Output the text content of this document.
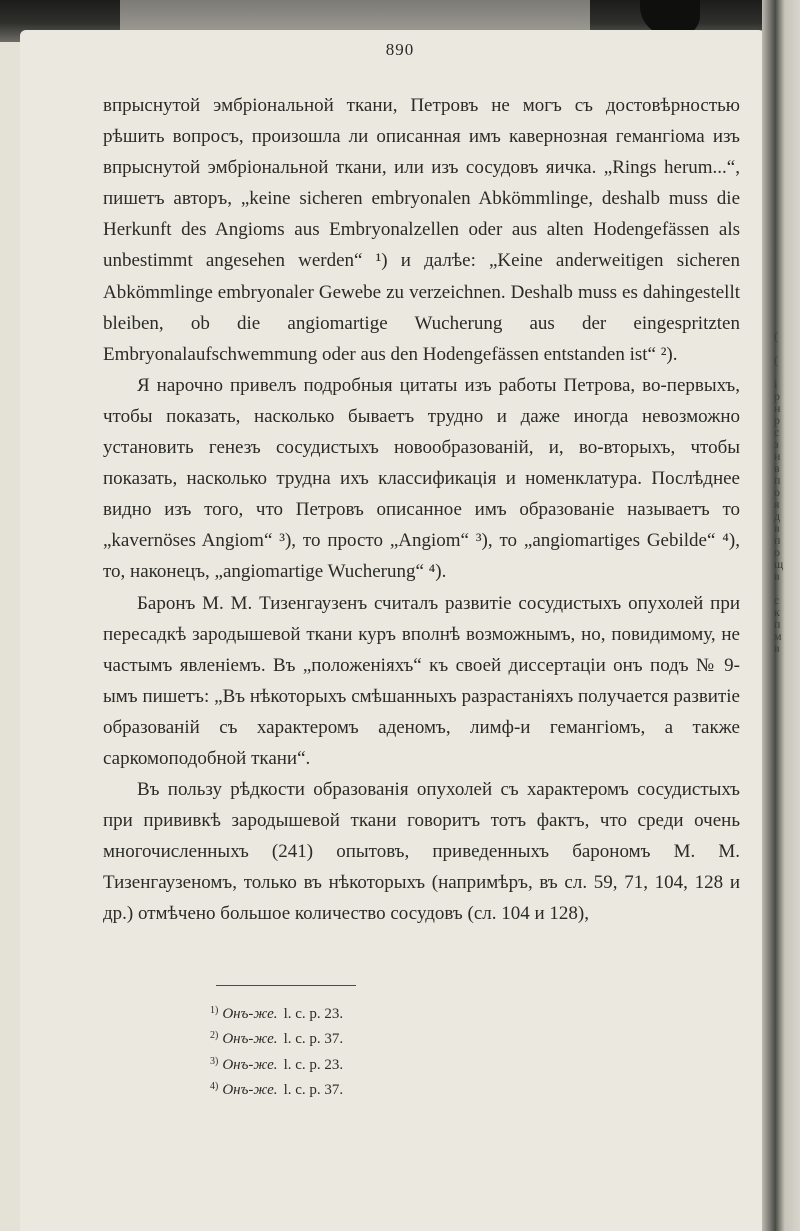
(

(

і
р
н
р
с
з
и
в
п
о
я
д
в
п
о
щ
в

с
к
п
м
в
890

впрыснутой эмбріональной ткани, Петровъ не могъ съ достовѣрностью рѣшить вопросъ, произошла ли описанная имъ кавернозная гемангіома изъ впрыснутой эмбріональной ткани, или изъ сосудовъ яичка. „Rings herum...“, пишетъ авторъ, „keine sicheren embryonalen Abkömmlinge, deshalb muss die Herkunft des Angioms aus Embryonalzellen oder aus alten Hodengefässen als unbestimmt angesehen werden“ ¹) и далѣе: „Keine anderweitigen sicheren Abkömmlinge embryonaler Gewebe zu verzeichnen. Deshalb muss es dahingestellt bleiben, ob die angiomartige Wucherung aus der eingespritzten Embryonalaufschwemmung oder aus den Hodengefässen entstanden ist“ ²).

Я нарочно привелъ подробныя цитаты изъ работы Петрова, во-первыхъ, чтобы показать, насколько бываетъ трудно и даже иногда невозможно установить генезъ сосудистыхъ новообразованій, и, во-вторыхъ, чтобы показать, насколько трудна ихъ классификація и номенклатура. Послѣднее видно изъ того, что Петровъ описанное имъ образованіе называетъ то „kavernöses Angiom“ ³), то просто „Angiom“ ³), то „angiomartiges Gebilde“ ⁴), то, наконецъ, „angiomartige Wucherung“ ⁴).

Баронъ М. М. Тизенгаузенъ считалъ развитіе сосудистыхъ опухолей при пересадкѣ зародышевой ткани куръ вполнѣ возможнымъ, но, повидимому, не частымъ явленіемъ. Въ „положеніяхъ“ къ своей диссертаціи онъ подъ № 9-ымъ пишетъ: „Въ нѣкоторыхъ смѣшанныхъ разрастаніяхъ получается развитіе образованій съ характеромъ аденомъ, лимф-и гемангіомъ, а также саркомоподобной ткани“.

Въ пользу рѣдкости образованія опухолей съ характеромъ сосудистыхъ при прививкѣ зародышевой ткани говоритъ тотъ фактъ, что среди очень многочисленныхъ (241) опытовъ, приведенныхъ барономъ М. М. Тизенгаузеномъ, только въ нѣкоторыхъ (напримѣръ, въ сл. 59, 71, 104, 128 и др.) отмѣчено большое количество сосудовъ (сл. 104 и 128),

$^{1)}$ Онъ-же. l. c. p. 23.
$^{2)}$ Онъ-же. l. c. p. 37.
$^{3)}$ Онъ-же. l. c. p. 23.
$^{4)}$ Онъ-же. l. c. p. 37.
